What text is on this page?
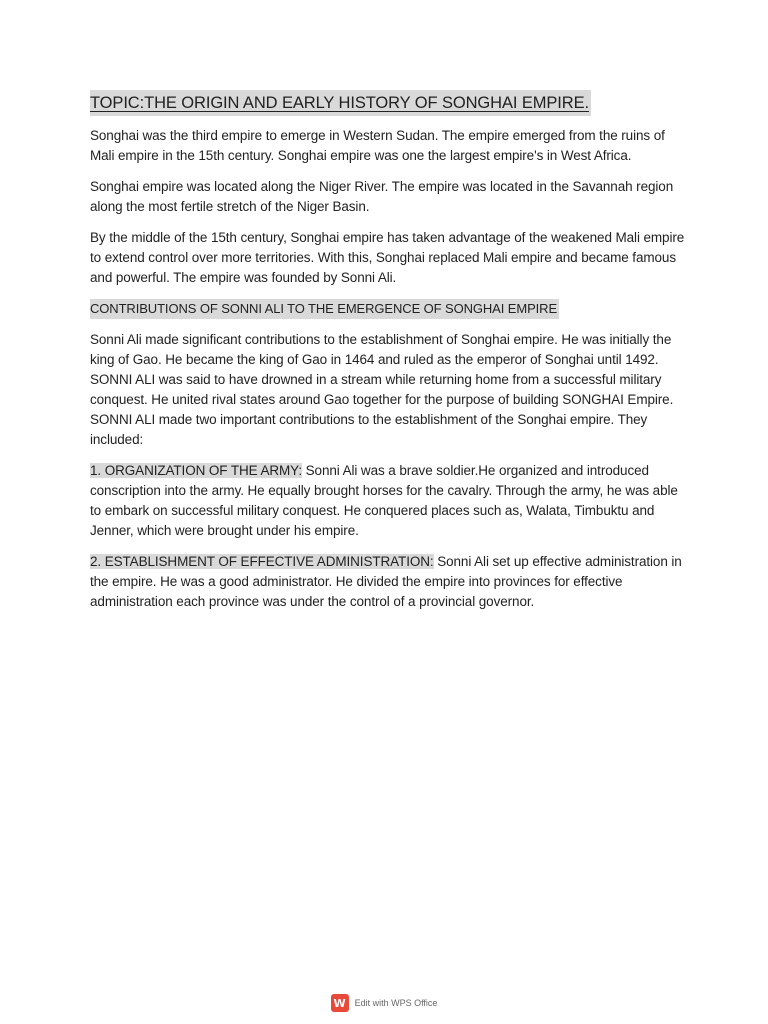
TOPIC:THE ORIGIN AND EARLY HISTORY OF SONGHAI EMPIRE.

Songhai was the third empire to emerge in Western Sudan. The empire emerged from the ruins of Mali empire in the 15th century. Songhai empire was one the largest empire's in West Africa.

Songhai empire was located along the Niger River. The empire was located in the Savannah region along the most fertile stretch of the Niger Basin.

By the middle of the 15th century, Songhai empire has taken advantage of the weakened Mali empire to extend control over more territories. With this, Songhai replaced Mali empire and became famous and powerful. The empire was founded by Sonni Ali.

CONTRIBUTIONS OF SONNI ALI TO THE EMERGENCE OF SONGHAI EMPIRE

Sonni Ali made significant contributions to the establishment of Songhai empire. He was initially the king of Gao. He became the king of Gao in 1464 and ruled as the emperor of Songhai until 1492. SONNI ALI was said to have drowned in a stream while returning home from a successful military conquest. He united rival states around Gao together for the purpose of building SONGHAI Empire. SONNI ALI made two important contributions to the establishment of the Songhai empire. They included:

1. ORGANIZATION OF THE ARMY: Sonni Ali was a brave soldier.He organized and introduced conscription into the army. He equally brought horses for the cavalry. Through the army, he was able to embark on successful military conquest. He conquered places such as, Walata, Timbuktu and Jenner, which were brought under his empire.

2. ESTABLISHMENT OF EFFECTIVE ADMINISTRATION: Sonni Ali set up effective administration in the empire. He was a good administrator. He divided the empire into provinces for effective administration each province was under the control of a provincial governor.

W Edit with WPS Office
